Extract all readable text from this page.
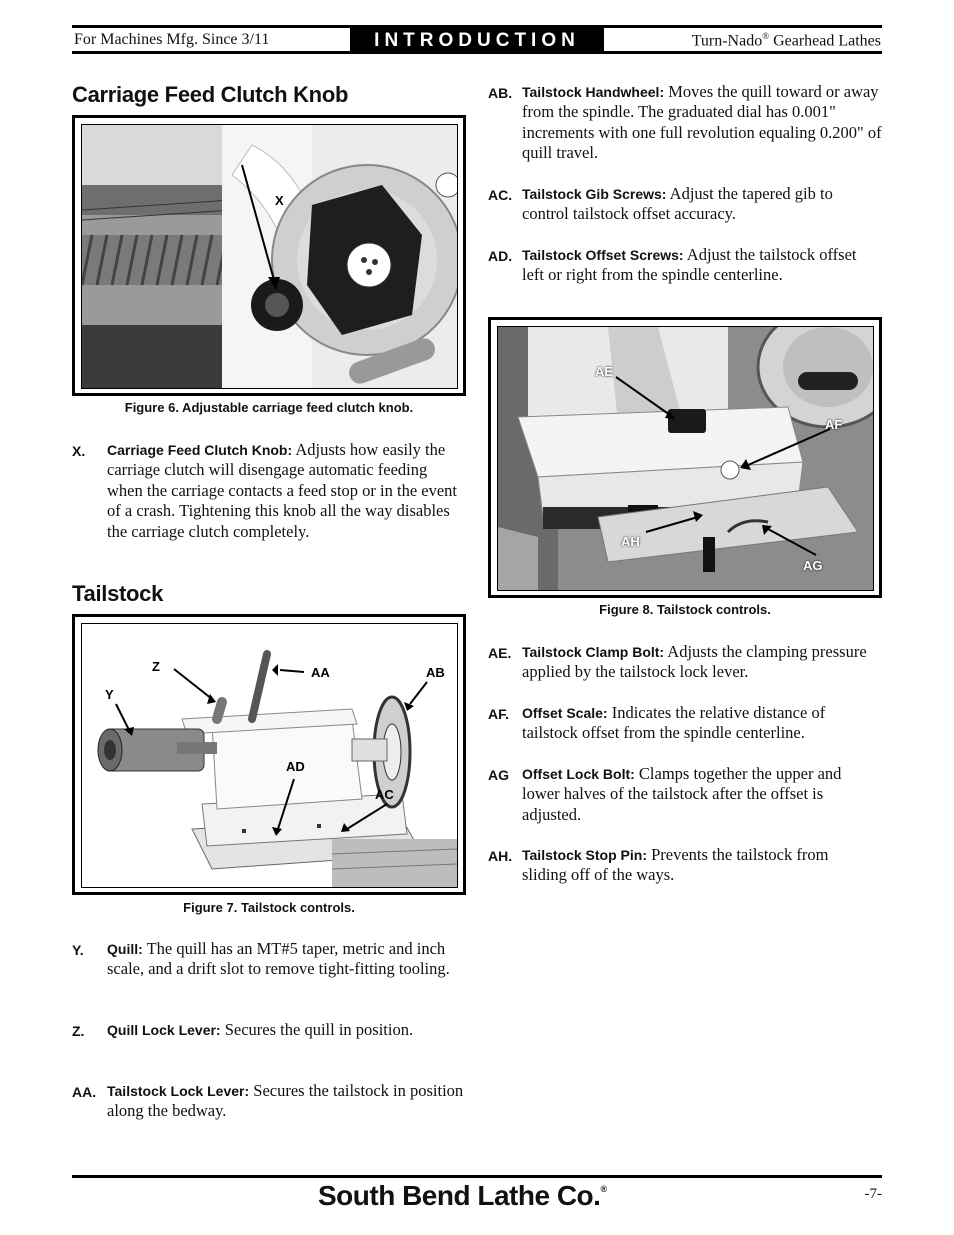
For Machines Mfg. Since 3/11	INTRODUCTION	Turn-Nado® Gearhead Lathes
Carriage Feed Clutch Knob
X
Figure 6. Adjustable carriage feed clutch knob.
X. Carriage Feed Clutch Knob: Adjusts how easily the carriage clutch will disengage automatic feeding when the carriage contacts a feed stop or in the event of a crash. Tightening this knob all the way disables the carriage clutch completely.
Tailstock
Z	AA	AB
Y
AD
AC
Figure 7. Tailstock controls.
Y. Quill: The quill has an MT#5 taper, metric and inch scale, and a drift slot to remove tight-fitting tooling.
Z. Quill Lock Lever: Secures the quill in position.
AA. Tailstock Lock Lever: Secures the tailstock in position along the bedway.
AB. Tailstock Handwheel: Moves the quill toward or away from the spindle. The graduated dial has 0.001" increments with one full revolution equaling 0.200" of quill travel.
AC. Tailstock Gib Screws: Adjust the tapered gib to control tailstock offset accuracy.
AD. Tailstock Offset Screws: Adjust the tailstock offset left or right from the spindle centerline.
AE
AF
AH
AG
Figure 8. Tailstock controls.
AE. Tailstock Clamp Bolt: Adjusts the clamping pressure applied by the tailstock lock lever.
AF. Offset Scale: Indicates the relative distance of tailstock offset from the spindle centerline.
AG Offset Lock Bolt: Clamps together the upper and lower halves of the tailstock after the offset is adjusted.
AH. Tailstock Stop Pin: Prevents the tailstock from sliding off of the ways.
South Bend Lathe Co.®	-7-
